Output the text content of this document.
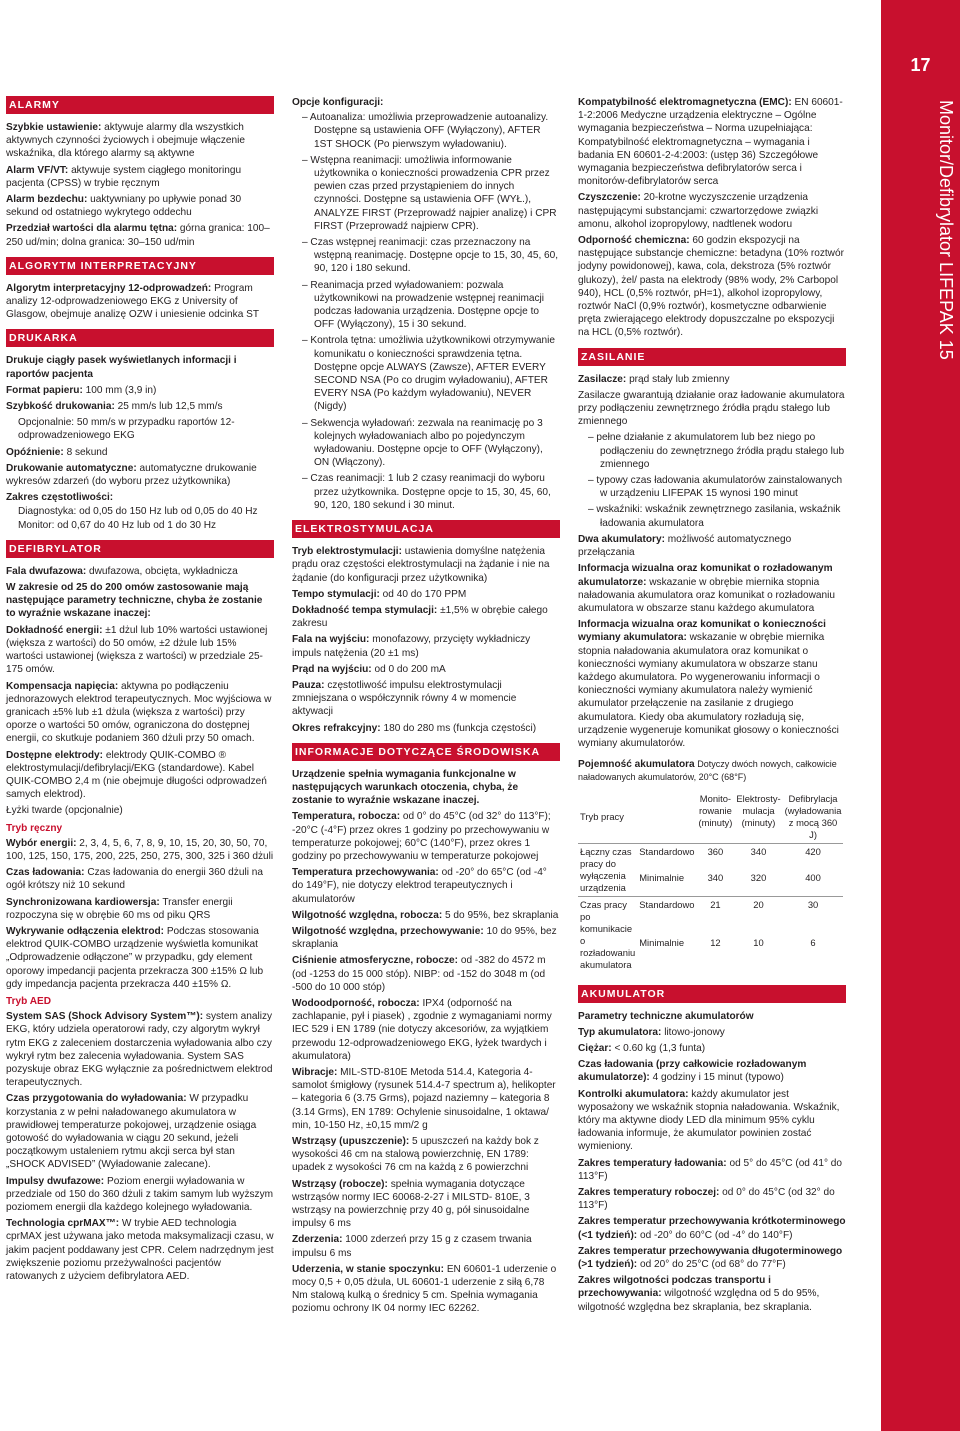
17
Monitor/Defibrylator LIFEPAK 15
ALARMY

Szybkie ustawienie: aktywuje alarmy dla wszystkich aktywnych czynności życiowych i obejmuje włączenie wskaźnika, dla którego alarmy są aktywne

Alarm VF/VT: aktywuje system ciągłego monitoringu pacjenta (CPSS) w trybie ręcznym

Alarm bezdechu: uaktywniany po upływie ponad 30 sekund od ostatniego wykrytego oddechu

Przedział wartości dla alarmu tętna: górna granica: 100–250 ud/min; dolna granica: 30–150 ud/min

ALGORYTM INTERPRETACYJNY

Algorytm interpretacyjny 12-odprowadzeń: Program analizy 12-odprowadzeniowego EKG z University of Glasgow, obejmuje analizę OZW i uniesienie odcinka ST

DRUKARKA

Drukuje ciągły pasek wyświetlanych informacji i raportów pacjenta

Format papieru: 100 mm (3,9 in)

Szybkość drukowania: 25 mm/s lub 12,5 mm/s

Opcjonalnie: 50 mm/s w przypadku raportów 12-odprowadzeniowego EKG

Opóźnienie: 8 sekund

Drukowanie automatyczne: automatyczne drukowanie wykresów zdarzeń (do wyboru przez użytkownika)

Zakres częstotliwości:

Diagnostyka: od 0,05 do 150 Hz lub od 0,05 do 40 Hz

Monitor: od 0,67 do 40 Hz lub od 1 do 30 Hz

DEFIBRYLATOR

Fala dwufazowa: dwufazowa, obcięta, wykładnicza

W zakresie od 25 do 200 omów zastosowanie mają następujące parametry techniczne, chyba że zostanie to wyraźnie wskazane inaczej:

Dokładność energii: ±1 dżul lub 10% wartości ustawionej (większa z wartości) do 50 omów, ±2 dżule lub 15% wartości ustawionej (większa z wartości) w przedziale 25-175 omów.

Kompensacja napięcia: aktywna po podłączeniu jednorazowych elektrod terapeutycznych. Moc wyjściowa w granicach ±5% lub ±1 dżula (większa z wartości) przy oporze o wartości 50 omów, ograniczona do dostępnej energii, co skutkuje podaniem 360 dżuli przy 50 omach.

Dostępne elektrody: elektrody QUIK-COMBO ® elektrostymulacji/defibrylacji/EKG (standardowe). Kabel QUIK-COMBO 2,4 m (nie obejmuje długości odprowadzeń samych elektrod).

Łyżki twarde (opcjonalnie)

Tryb ręczny

Wybór energii: 2, 3, 4, 5, 6, 7, 8, 9, 10, 15, 20, 30, 50, 70, 100, 125, 150, 175, 200, 225, 250, 275, 300, 325 i 360 dżuli

Czas ładowania: Czas ładowania do energii 360 dżuli na ogół krótszy niż 10 sekund

Synchronizowana kardiowersja: Transfer energii rozpoczyna się w obrębie 60 ms od piku QRS

Wykrywanie odłączenia elektrod: Podczas stosowania elektrod QUIK-COMBO urządzenie wyświetla komunikat „Odprowadzenie odłączone” w przypadku, gdy element oporowy impedancji pacjenta przekracza 300 ±15% Ω lub gdy impedancja pacjenta przekracza 440 ±15% Ω.

Tryb AED

System SAS (Shock Advisory System™): system analizy EKG, który udziela operatorowi rady, czy algorytm wykrył rytm EKG z zaleceniem dostarczenia wyładowania albo czy wykrył rytm bez zalecenia wyładowania. System SAS pozyskuje obraz EKG wyłącznie za pośrednictwem elektrod terapeutycznych.

Czas przygotowania do wyładowania: W przypadku korzystania z w pełni naładowanego akumulatora w prawidłowej temperaturze pokojowej, urządzenie osiąga gotowość do wyładowania w ciągu 20 sekund, jeżeli początkowym ustaleniem rytmu akcji serca był stan „SHOCK ADVISED” (Wyładowanie zalecane).

Impulsy dwufazowe: Poziom energii wyładowania w przedziale od 150 do 360 dżuli z takim samym lub wyższym poziomem energii dla każdego kolejnego wyładowania.

Technologia cprMAX™: W trybie AED technologia cprMAX jest używana jako metoda maksymalizacji czasu, w jakim pacjent poddawany jest CPR. Celem nadrzędnym jest zwiększenie poziomu przeżywalności pacjentów ratowanych z użyciem defibrylatora AED.

Opcje konfiguracji:

– Autoanaliza: umożliwia przeprowadzenie autoanalizy. Dostępne są ustawienia OFF (Wyłączony), AFTER 1ST SHOCK (Po pierwszym wyładowaniu).

– Wstępna reanimacji: umożliwia informowanie użytkownika o konieczności prowadzenia CPR przez pewien czas przed przystąpieniem do innych czynności. Dostępne są ustawienia OFF (WYŁ.), ANALYZE FIRST (Przeprowadź najpier analizę) i CPR FIRST (Przeprowadź najpierw CPR).

– Czas wstępnej reanimacji: czas przeznaczony na wstępną reanimację. Dostępne opcje to 15, 30, 45, 60, 90, 120 i 180 sekund.

– Reanimacja przed wyładowaniem: pozwala użytkownikowi na prowadzenie wstępnej reanimacji podczas ładowania urządzenia. Dostępne opcje to OFF (Wyłączony), 15 i 30 sekund.

– Kontrola tętna: umożliwia użytkownikowi otrzymywanie komunikatu o konieczności sprawdzenia tętna. Dostępne opcje ALWAYS (Zawsze), AFTER EVERY SECOND NSA (Po co drugim wyładowaniu), AFTER EVERY NSA (Po każdym wyładowaniu), NEVER (Nigdy)

– Sekwencja wyładowań: zezwala na reanimację po 3 kolejnych wyładowaniach albo po pojedynczym wyładowaniu. Dostępne opcje to OFF (Wyłączony), ON (Włączony).

– Czas reanimacji: 1 lub 2 czasy reanimacji do wyboru przez użytkownika. Dostępne opcje to 15, 30, 45, 60, 90, 120, 180 sekund i 30 minut.

ELEKTROSTYMULACJA

Tryb elektrostymulacji: ustawienia domyślne natężenia prądu oraz częstości elektrostymulacji na żądanie i nie na żądanie (do konfiguracji przez użytkownika)

Tempo stymulacji: od 40 do 170 PPM

Dokładność tempa stymulacji: ±1,5% w obrębie całego zakresu

Fala na wyjściu: monofazowy, przycięty wykładniczy impuls natężenia (20 ±1 ms)

Prąd na wyjściu: od 0 do 200 mA

Pauza: częstotliwość impulsu elektrostymulacji zmniejszana o współczynnik równy 4 w momencie aktywacji

Okres refrakcyjny: 180 do 280 ms (funkcja częstości)

INFORMACJE DOTYCZĄCE ŚRODOWISKA

Urządzenie spełnia wymagania funkcjonalne w następujących warunkach otoczenia, chyba, że zostanie to wyraźnie wskazane inaczej.

Temperatura, robocza: od 0° do 45°C (od 32° do 113°F); -20°C (-4°F) przez okres 1 godziny po przechowywaniu w temperaturze pokojowej; 60°C (140°F), przez okres 1 godziny po przechowywaniu w temperaturze pokojowej

Temperatura przechowywania: od -20° do 65°C (od -4° do 149°F), nie dotyczy elektrod terapeutycznych i akumulatorów

Wilgotność względna, robocza: 5 do 95%, bez skraplania

Wilgotność względna, przechowywanie: 10 do 95%, bez skraplania

Ciśnienie atmosferyczne, robocze: od -382 do 4572 m (od -1253 do 15 000 stóp). NIBP: od -152 do 3048 m (od -500 do 10 000 stóp)

Wodoodporność, robocza: IPX4 (odporność na zachlapanie, pył i piasek) , zgodnie z wymaganiami normy IEC 529 i EN 1789 (nie dotyczy akcesoriów, za wyjątkiem przewodu 12-odprowadzeniowego EKG, łyżek twardych i akumulatora)

Wibracje: MIL-STD-810E Metoda 514.4, Kategoria 4-samolot śmigłowy (rysunek 514.4-7 spectrum a), helikopter – kategoria 6 (3.75 Grms), pojazd naziemny – kategoria 8 (3.14 Grms), EN 1789: Ochylenie sinusoidalne, 1 oktawa/ min, 10-150 Hz, ±0,15 mm/2 g

Wstrząsy (upuszczenie): 5 upuszczeń na każdy bok z wysokości 46 cm na stalową powierzchnię, EN 1789: upadek z wysokości 76 cm na każdą z 6 powierzchni

Wstrząsy (robocze): spełnia wymagania dotyczące wstrząsów normy IEC 60068-2-27 i MILSTD- 810E, 3 wstrząsy na powierzchnię przy 40 g, pół sinusoidalne impulsy 6 ms

Zderzenia: 1000 zderzeń przy 15 g z czasem trwania impulsu 6 ms

Uderzenia, w stanie spoczynku: EN 60601-1 uderzenie o mocy 0,5 + 0,05 dżula, UL 60601-1 uderzenie z siłą 6,78 Nm stalową kulką o średnicy 5 cm. Spełnia wymagania poziomu ochrony IK 04 normy IEC 62262.

Kompatybilność elektromagnetyczna (EMC): EN 60601-1-2:2006 Medyczne urządzenia elektryczne – Ogólne wymagania bezpieczeństwa – Norma uzupełniająca: Kompatybilność elektromagnetyczna – wymagania i badania EN 60601-2-4:2003: (ustęp 36) Szczegółowe wymagania bezpieczeństwa defibrylatorów serca i monitorów-defibrylatorów serca

Czyszczenie: 20-krotne wyczyszczenie urządzenia następującymi substancjami: czwartorzędowe związki amonu, alkohol izopropylowy, nadtlenek wodoru

Odporność chemiczna: 60 godzin ekspozycji na następujące substancje chemiczne: betadyna (10% roztwór jodyny powidonowej), kawa, cola, dekstroza (5% roztwór glukozy), żel/ pasta na elektrody (98% wody, 2% Carbopol 940), HCL (0,5% roztwór, pH=1), alkohol izopropylowy, roztwór NaCl (0,9% roztwór), kosmetyczne odbarwienie pręta zwierającego elektrody dopuszczalne po ekspozycji na HCL (0,5% roztwór).

ZASILANIE

Zasilacze: prąd stały lub zmienny

Zasilacze gwarantują działanie oraz ładowanie akumulatora przy podłączeniu zewnętrznego źródła prądu stałego lub zmiennego

– pełne działanie z akumulatorem lub bez niego po podłączeniu do zewnętrznego źródła prądu stałego lub zmiennego

– typowy czas ładowania akumulatorów zainstalowanych w urządzeniu LIFEPAK 15 wynosi 190 minut

– wskaźniki: wskaźnik zewnętrznego zasilania, wskaźnik ładowania akumulatora

Dwa akumulatory: możliwość automatycznego przełączania

Informacja wizualna oraz komunikat o rozładowanym akumulatorze: wskazanie w obrębie miernika stopnia naładowania akumulatora oraz komunikat o rozładowaniu akumulatora w obszarze stanu każdego akumulatora

Informacja wizualna oraz komunikat o konieczności wymiany akumulatora: wskazanie w obrębie miernika stopnia naładowania akumulatora oraz komunikat o konieczności wymiany akumulatora w obszarze stanu każdego akumulatora. Po wygenerowaniu informacji o konieczności wymiany akumulatora należy wymienić akumulator przełączenie na zasilanie z drugiego akumulatora. Kiedy oba akumulatory rozładują się, urządzenie wygeneruje komunikat głosowy o konieczności wymiany akumulatorów.

Pojemność akumulatora Dotyczy dwóch nowych, całkowicie naładowanych akumulatorów, 20°C (68°F)

Tryb pracy		Monito-rowanie (minuty)	Elektrosty-mulacja (minuty)	Defibrylacja (wyładowania z mocą 360 J)
Łączny czas pracy do wyłączenia urządzenia	Standardowo	360	340	420
	Minimalnie	340	320	400
Czas pracy po komunikacie o rozładowaniu akumulatora	Standardowo	21	20	30
	Minimalnie	12	10	6
AKUMULATOR

Parametry techniczne akumulatorów

Typ akumulatora: litowo-jonowy

Ciężar: < 0.60 kg (1,3 funta)

Czas ładowania (przy całkowicie rozładowanym akumulatorze): 4 godziny i 15 minut (typowo)

Kontrolki akumulatora: każdy akumulator jest wyposażony we wskaźnik stopnia naładowania. Wskaźnik, który ma aktywne diody LED dla minimum 95% cyklu ładowania informuje, że akumulator powinien zostać wymieniony.

Zakres temperatury ładowania: od 5° do 45°C (od 41° do 113°F)

Zakres temperatury roboczej: od 0° do 45°C (od 32° do 113°F)

Zakres temperatur przechowywania krótkoterminowego (<1 tydzień): od -20° do 60°C (od -4° do 140°F)

Zakres temperatur przechowywania długoterminowego (>1 tydzień): od 20° do 25°C (od 68° do 77°F)

Zakres wilgotności podczas transportu i przechowywania: wilgotność względna od 5 do 95%, wilgotność względna bez skraplania, bez skraplania.
